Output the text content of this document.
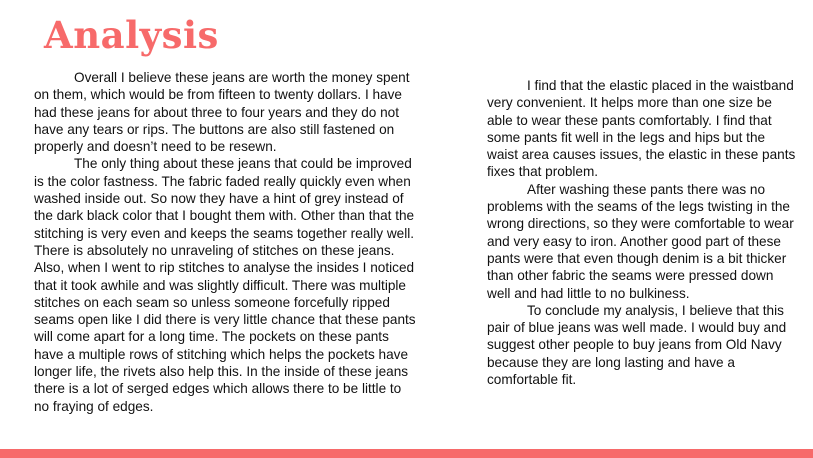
Analysis

Overall I believe these jeans are worth the money spent on them, which would be from fifteen to twenty dollars. I have had these jeans for about three to four years and they do not have any tears or rips. The buttons are also still fastened on properly and doesn’t need to be resewn.

The only thing about these jeans that could be improved is the color fastness. The fabric faded really quickly even when washed inside out. So now they have a hint of grey instead of the dark black color that I bought them with. Other than that the stitching is very even and keeps the seams together really well. There is absolutely no unraveling of stitches on these jeans. Also, when I went to rip stitches to analyse the insides I noticed that it took awhile and was slightly difficult. There was multiple stitches on each seam so unless someone forcefully ripped seams open like I did there is very little chance that these pants will come apart for a long time. The pockets on these pants have a multiple rows of stitching which helps the pockets have longer life, the rivets also help this. In the inside of these jeans there is a lot of serged edges which allows there to be little to no fraying of edges.

I find that the elastic placed in the waistband very convenient. It helps more than one size be able to wear these pants comfortably. I find that some pants fit well in the legs and hips but the waist area causes issues, the elastic in these pants fixes that problem.

After washing these pants there was no problems with the seams of the legs twisting in the wrong directions, so they were comfortable to wear and very easy to iron. Another good part of these pants were that even though denim is a bit thicker than other fabric the seams were pressed down well and had little to no bulkiness.

To conclude my analysis, I believe that this pair of blue jeans was well made. I would buy and suggest other people to buy jeans from Old Navy because they are long lasting and have a comfortable fit.
